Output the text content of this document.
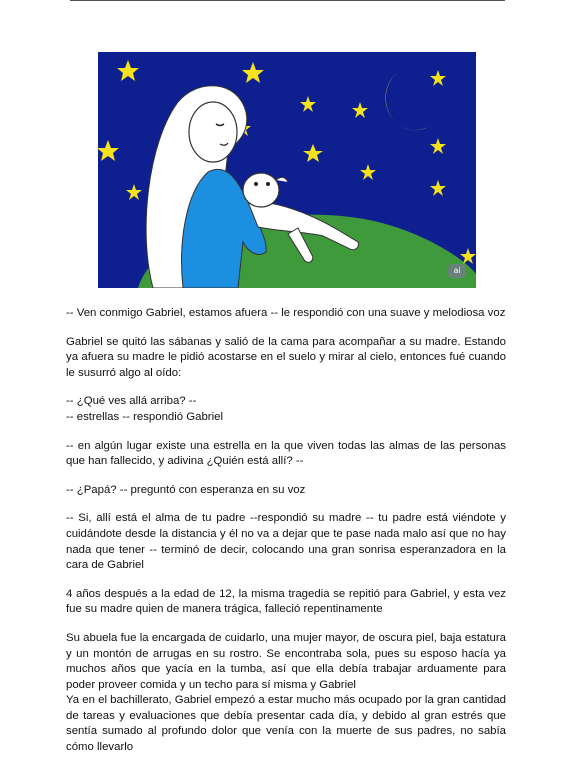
ai

-- Ven conmigo Gabriel, estamos afuera -- le respondió con una suave y melodiosa voz

Gabriel se quitó las sábanas y salió de la cama para acompañar a su madre. Estando ya afuera su madre le pidió acostarse en el suelo y mirar al cielo, entonces fué cuando le susurró algo al oído:

-- ¿Qué ves allá arriba? --

-- estrellas -- respondió Gabriel

-- en algún lugar existe una estrella en la que viven todas las almas de las personas que han fallecido, y adivina ¿Quién está allí? --

-- ¿Papá? -- preguntó con esperanza en su voz

-- Si, allí está el alma de tu padre --respondió su madre -- tu padre está viéndote y cuidándote desde la distancia y él no va a dejar que te pase nada malo así que no hay nada que tener -- terminó de decir, colocando una gran sonrisa esperanzadora en la cara de Gabriel

4 años después a la edad de 12, la misma tragedia se repitió para Gabriel, y esta vez fue su madre quien de manera trágica, falleció repentinamente

Su abuela fue la encargada de cuidarlo, una mujer mayor, de oscura piel, baja estatura y un montón de arrugas en su rostro. Se encontraba sola, pues su esposo hacía ya muchos años que yacía en la tumba, así que ella debía trabajar arduamente para poder proveer comida y un techo para sí misma y Gabriel

Ya en el bachillerato, Gabriel empezó a estar mucho más ocupado por la gran cantidad de tareas y evaluaciones que debía presentar cada día, y debido al gran estrés que sentía sumado al profundo dolor que venía con la muerte de sus padres, no sabía cómo llevarlo
